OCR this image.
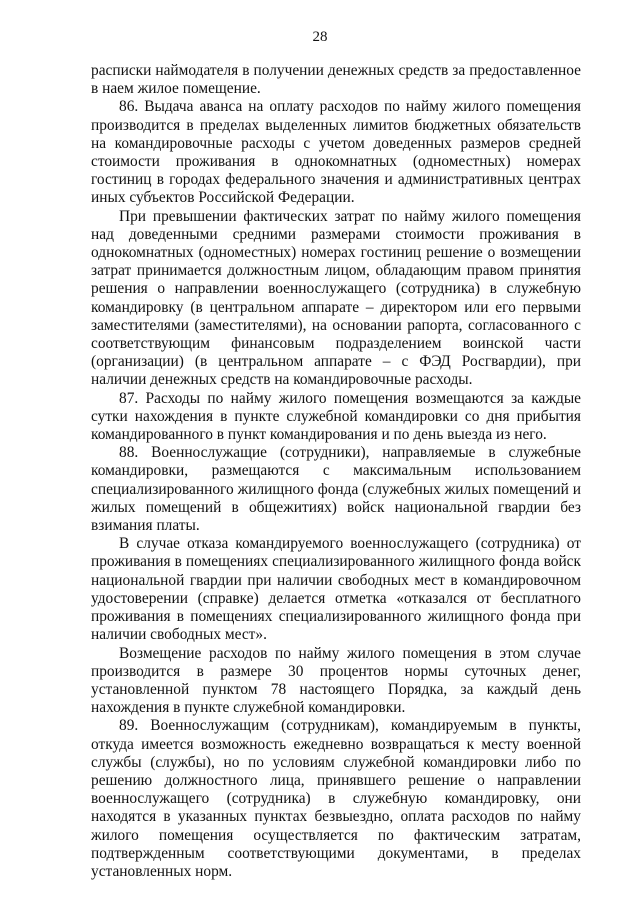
28

расписки наймодателя в получении денежных средств за предоставленное в наем жилое помещение.

86. Выдача аванса на оплату расходов по найму жилого помещения производится в пределах выделенных лимитов бюджетных обязательств на командировочные расходы с учетом доведенных размеров средней стоимости проживания в однокомнатных (одноместных) номерах гостиниц в городах федерального значения и административных центрах иных субъектов Российской Федерации.

При превышении фактических затрат по найму жилого помещения над доведенными средними размерами стоимости проживания в однокомнатных (одноместных) номерах гостиниц решение о возмещении затрат принимается должностным лицом, обладающим правом принятия решения о направлении военнослужащего (сотрудника) в служебную командировку (в центральном аппарате – директором или его первыми заместителями (заместителями), на основании рапорта, согласованного с соответствующим финансовым подразделением воинской части (организации) (в центральном аппарате – с ФЭД Росгвардии), при наличии денежных средств на командировочные расходы.

87. Расходы по найму жилого помещения возмещаются за каждые сутки нахождения в пункте служебной командировки со дня прибытия командированного в пункт командирования и по день выезда из него.

88. Военнослужащие (сотрудники), направляемые в служебные командировки, размещаются с максимальным использованием специализированного жилищного фонда (служебных жилых помещений и жилых помещений в общежитиях) войск национальной гвардии без взимания платы.

В случае отказа командируемого военнослужащего (сотрудника) от проживания в помещениях специализированного жилищного фонда войск национальной гвардии при наличии свободных мест в командировочном удостоверении (справке) делается отметка «отказался от бесплатного проживания в помещениях специализированного жилищного фонда при наличии свободных мест».

Возмещение расходов по найму жилого помещения в этом случае производится в размере 30 процентов нормы суточных денег, установленной пунктом 78 настоящего Порядка, за каждый день нахождения в пункте служебной командировки.

89. Военнослужащим (сотрудникам), командируемым в пункты, откуда имеется возможность ежедневно возвращаться к месту военной службы (службы), но по условиям служебной командировки либо по решению должностного лица, принявшего решение о направлении военнослужащего (сотрудника) в служебную командировку, они находятся в указанных пунктах безвыездно, оплата расходов по найму жилого помещения осуществляется по фактическим затратам, подтвержденным соответствующими документами, в пределах установленных норм.
